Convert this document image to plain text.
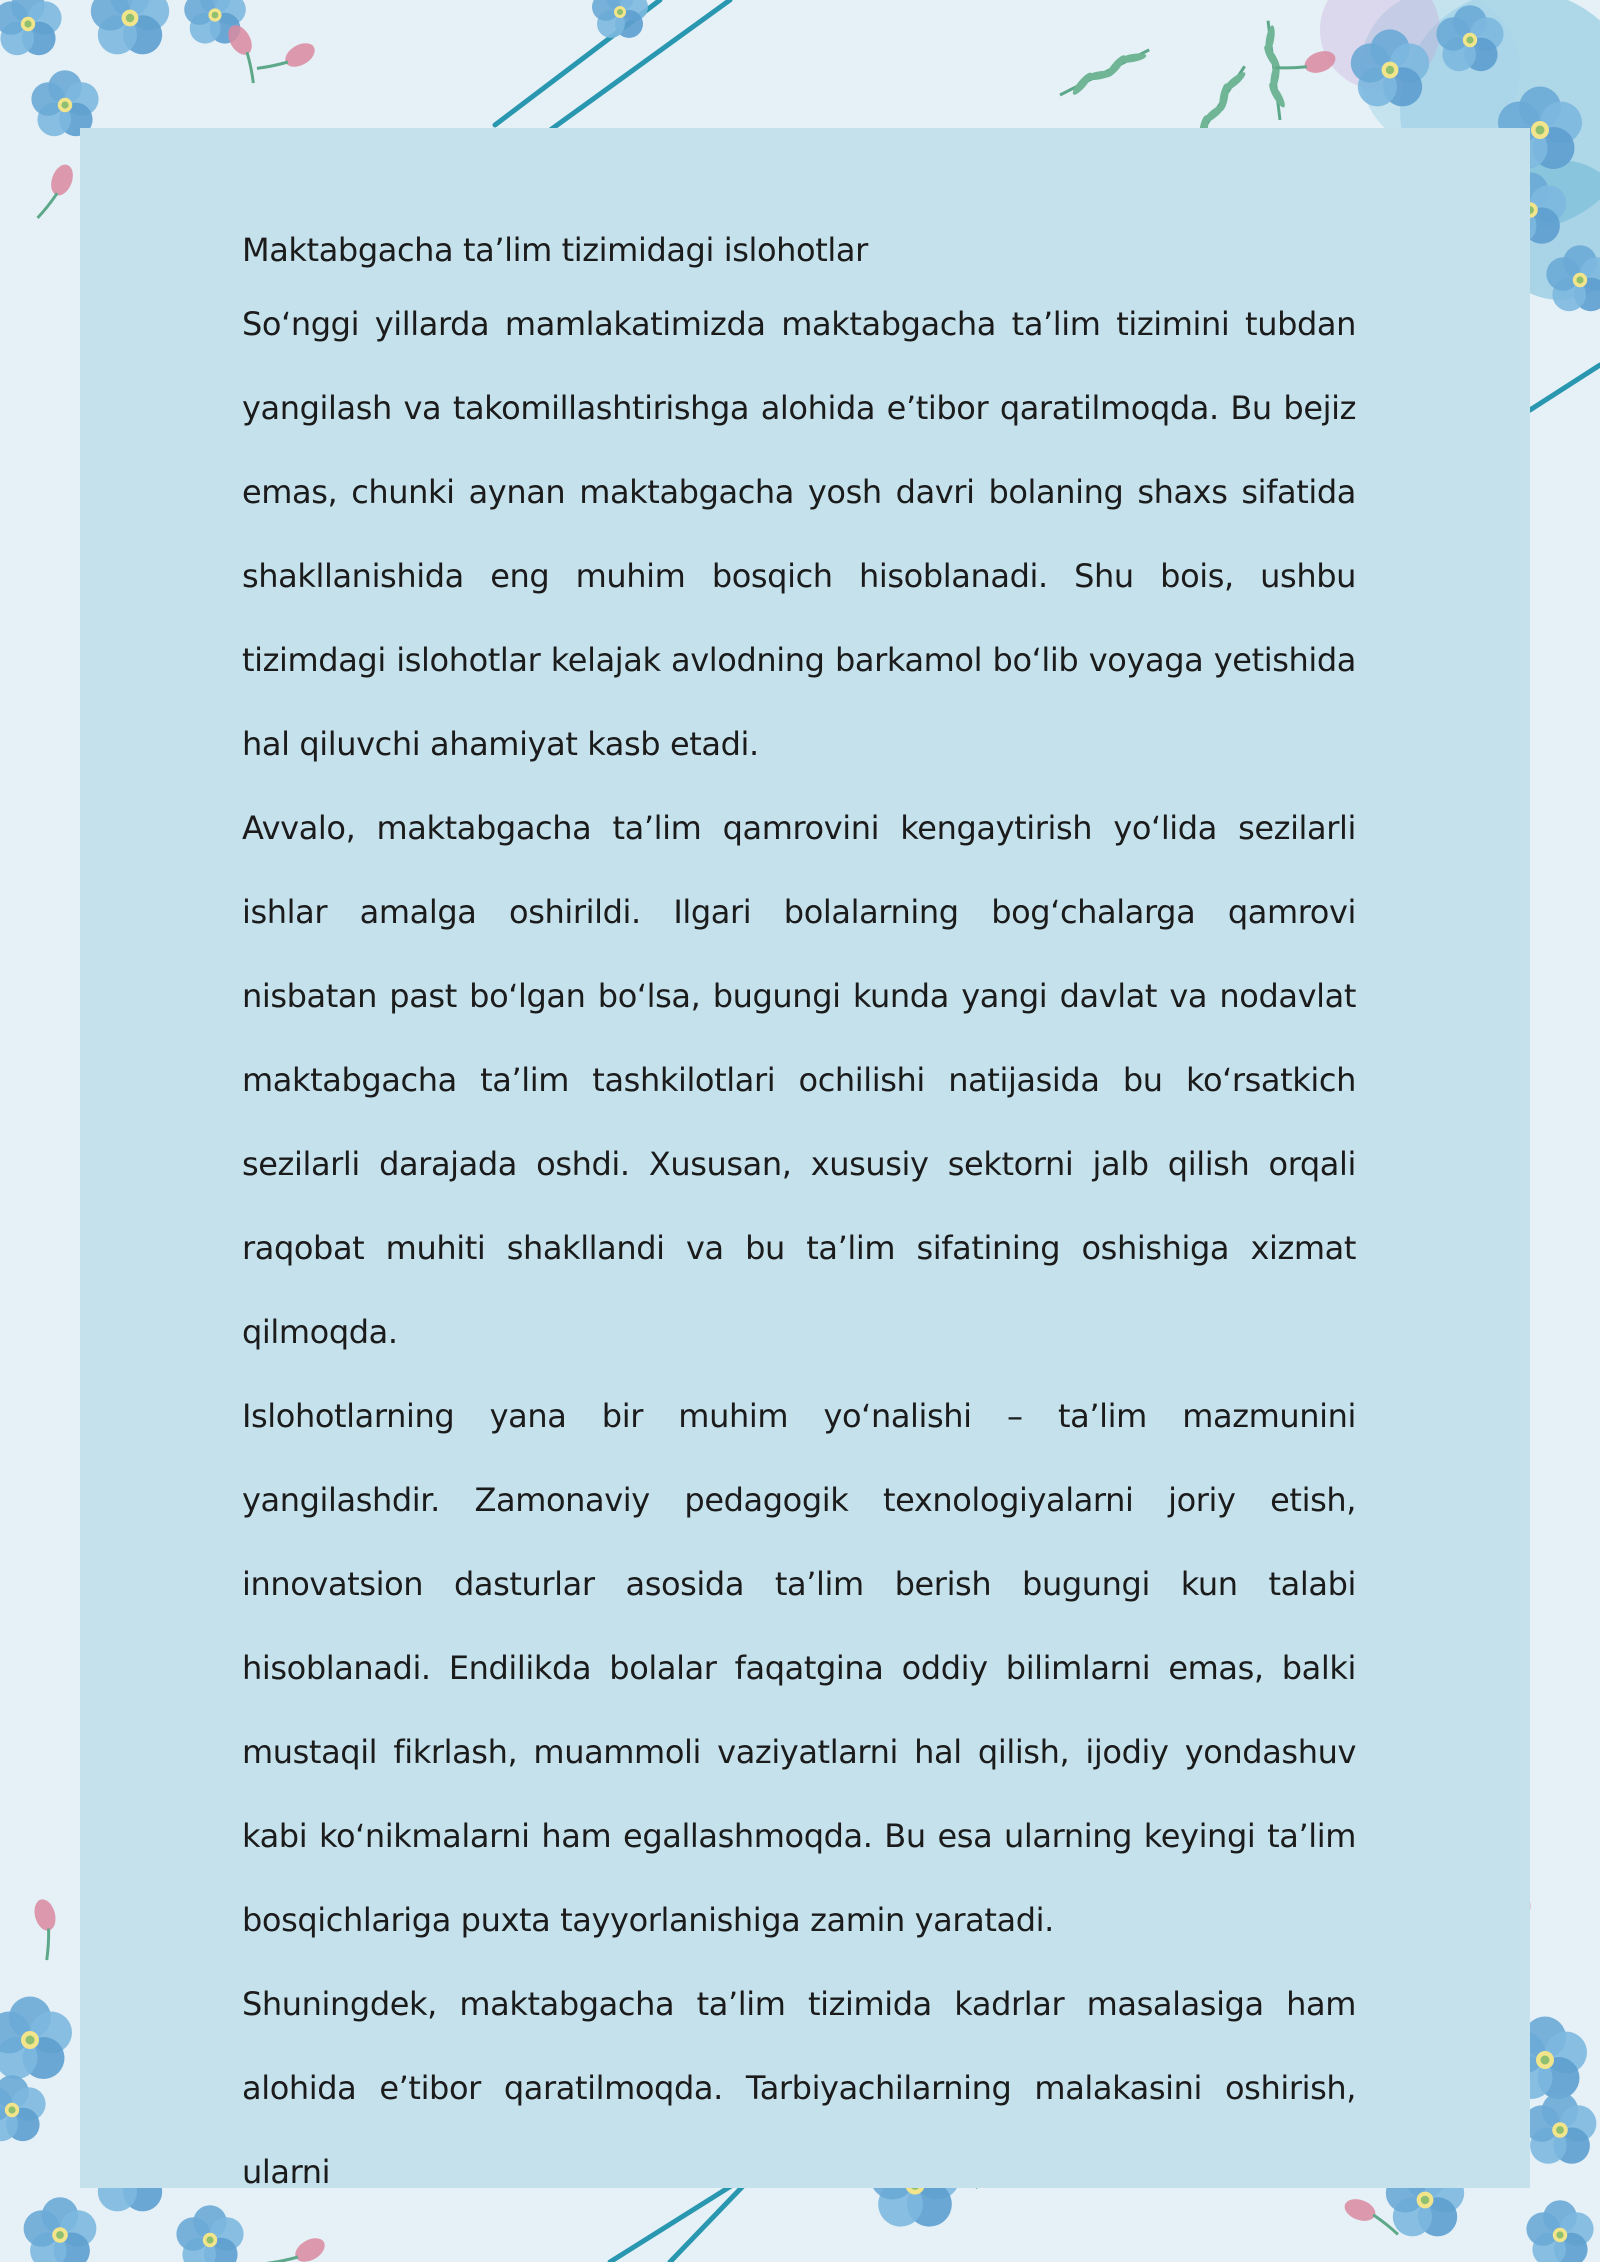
Maktabgacha ta’lim tizimidagi islohotlar

So‘nggi yillarda mamlakatimizda maktabgacha ta’lim tizimini tubdan yangilash va takomillashtirishga alohida e’tibor qaratilmoqda. Bu bejiz emas, chunki aynan maktabgacha yosh davri bolaning shaxs sifatida shakllanishida eng muhim bosqich hisoblanadi. Shu bois, ushbu tizimdagi islohotlar kelajak avlodning barkamol bo‘lib voyaga yetishida hal qiluvchi ahamiyat kasb etadi.

Avvalo, maktabgacha ta’lim qamrovini kengaytirish yo‘lida sezilarli ishlar amalga oshirildi. Ilgari bolalarning bog‘chalarga qamrovi nisbatan past bo‘lgan bo‘lsa, bugungi kunda yangi davlat va nodavlat maktabgacha ta’lim tashkilotlari ochilishi natijasida bu ko‘rsatkich sezilarli darajada oshdi. Xususan, xususiy sektorni jalb qilish orqali raqobat muhiti shakllandi va bu ta’lim sifatining oshishiga xizmat qilmoqda.

Islohotlarning yana bir muhim yo‘nalishi – ta’lim mazmunini yangilashdir. Zamonaviy pedagogik texnologiyalarni joriy etish, innovatsion dasturlar asosida ta’lim berish bugungi kun talabi hisoblanadi. Endilikda bolalar faqatgina oddiy bilimlarni emas, balki mustaqil fikrlash, muammoli vaziyatlarni hal qilish, ijodiy yondashuv kabi ko‘nikmalarni ham egallashmoqda. Bu esa ularning keyingi ta’lim bosqichlariga puxta tayyorlanishiga zamin yaratadi.

Shuningdek, maktabgacha ta’lim tizimida kadrlar masalasiga ham alohida e’tibor qaratilmoqda. Tarbiyachilarning malakasini oshirish, ularni
